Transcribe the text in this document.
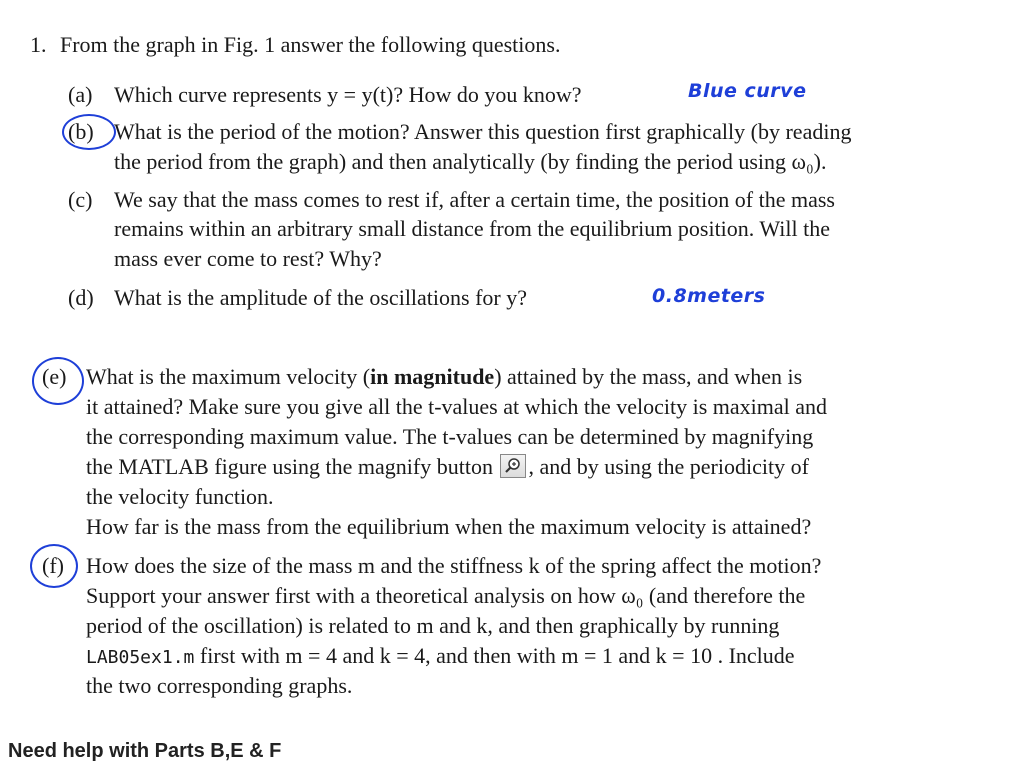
1. From the graph in Fig. 1 answer the following questions.
(a) Which curve represents y = y(t)? How do you know?	Blue curve
(b) What is the period of the motion? Answer this question first graphically (by reading
the period from the graph) and then analytically (by finding the period using ω₀).
(c) We say that the mass comes to rest if, after a certain time, the position of the mass
remains within an arbitrary small distance from the equilibrium position. Will the
mass ever come to rest? Why?
(d) What is the amplitude of the oscillations for y?	0.8meters
(e) What is the maximum velocity (in magnitude) attained by the mass, and when is
it attained? Make sure you give all the t-values at which the velocity is maximal and
the corresponding maximum value. The t-values can be determined by magnifying
the MATLAB figure using the magnify button , and by using the periodicity of
the velocity function.
How far is the mass from the equilibrium when the maximum velocity is attained?
(f) How does the size of the mass m and the stiffness k of the spring affect the motion?
Support your answer first with a theoretical analysis on how ω₀ (and therefore the
period of the oscillation) is related to m and k, and then graphically by running
LAB05ex1.m first with m = 4 and k = 4, and then with m = 1 and k = 10 . Include
the two corresponding graphs.
Need help with Parts B,E & F
